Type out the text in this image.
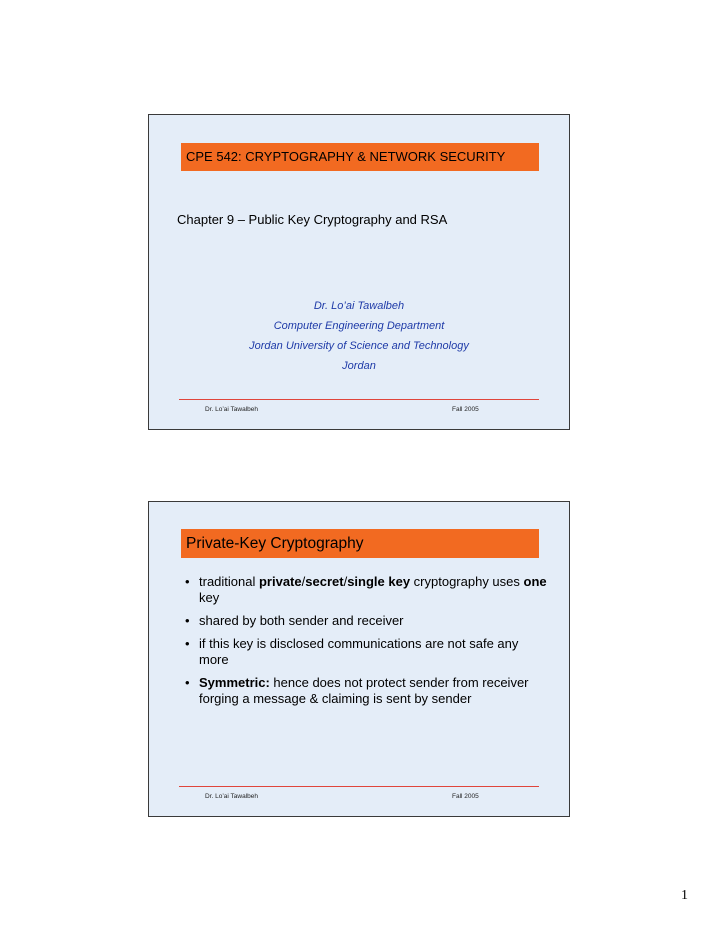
CPE 542: CRYPTOGRAPHY & NETWORK SECURITY
Chapter 9 – Public Key Cryptography and RSA
Dr. Lo’ai Tawalbeh
Computer Engineering Department
Jordan University of Science and Technology
Jordan
Dr. Lo’ai Tawalbeh	Fall 2005
Private-Key Cryptography
• traditional private/secret/single key cryptography uses one key
• shared by both sender and receiver
• if this key is disclosed communications are not safe any more
• Symmetric: hence does not protect sender from receiver forging a message & claiming is sent by sender
Dr. Lo’ai Tawalbeh	Fall 2005
1
